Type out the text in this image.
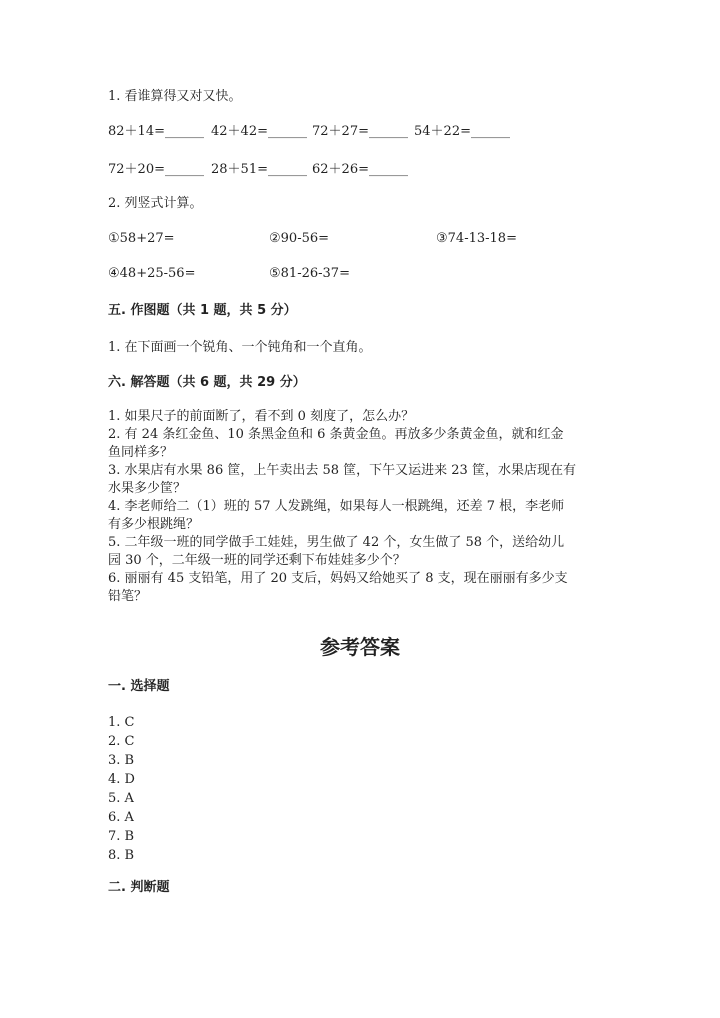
1. 看谁算得又对又快。

82＋14=______ 42＋42=______ 72＋27=______ 54＋22=______

72＋20=______ 28＋51=______ 62＋26=______

2. 列竖式计算。

①58+27=	②90-56=	③74-13-18=

④48+25-56=	⑤81-26-37=

五. 作图题（共 1 题，共 5 分）

1. 在下面画一个锐角、一个钝角和一个直角。

六. 解答题（共 6 题，共 29 分）

1. 如果尺子的前面断了，看不到 0 刻度了，怎么办？
2. 有 24 条红金鱼、10 条黑金鱼和 6 条黄金鱼。再放多少条黄金鱼，就和红金
鱼同样多？
3. 水果店有水果 86 筐，上午卖出去 58 筐，下午又运进来 23 筐，水果店现在有
水果多少筐？
4. 李老师给二（1）班的 57 人发跳绳，如果每人一根跳绳，还差 7 根，李老师
有多少根跳绳？
5. 二年级一班的同学做手工娃娃，男生做了 42 个，女生做了 58 个，送给幼儿
园 30 个，二年级一班的同学还剩下布娃娃多少个？
6. 丽丽有 45 支铅笔，用了 20 支后，妈妈又给她买了 8 支，现在丽丽有多少支
铅笔？

参考答案

一. 选择题

1. C
2. C
3. B
4. D
5. A
6. A
7. B
8. B

二. 判断题
